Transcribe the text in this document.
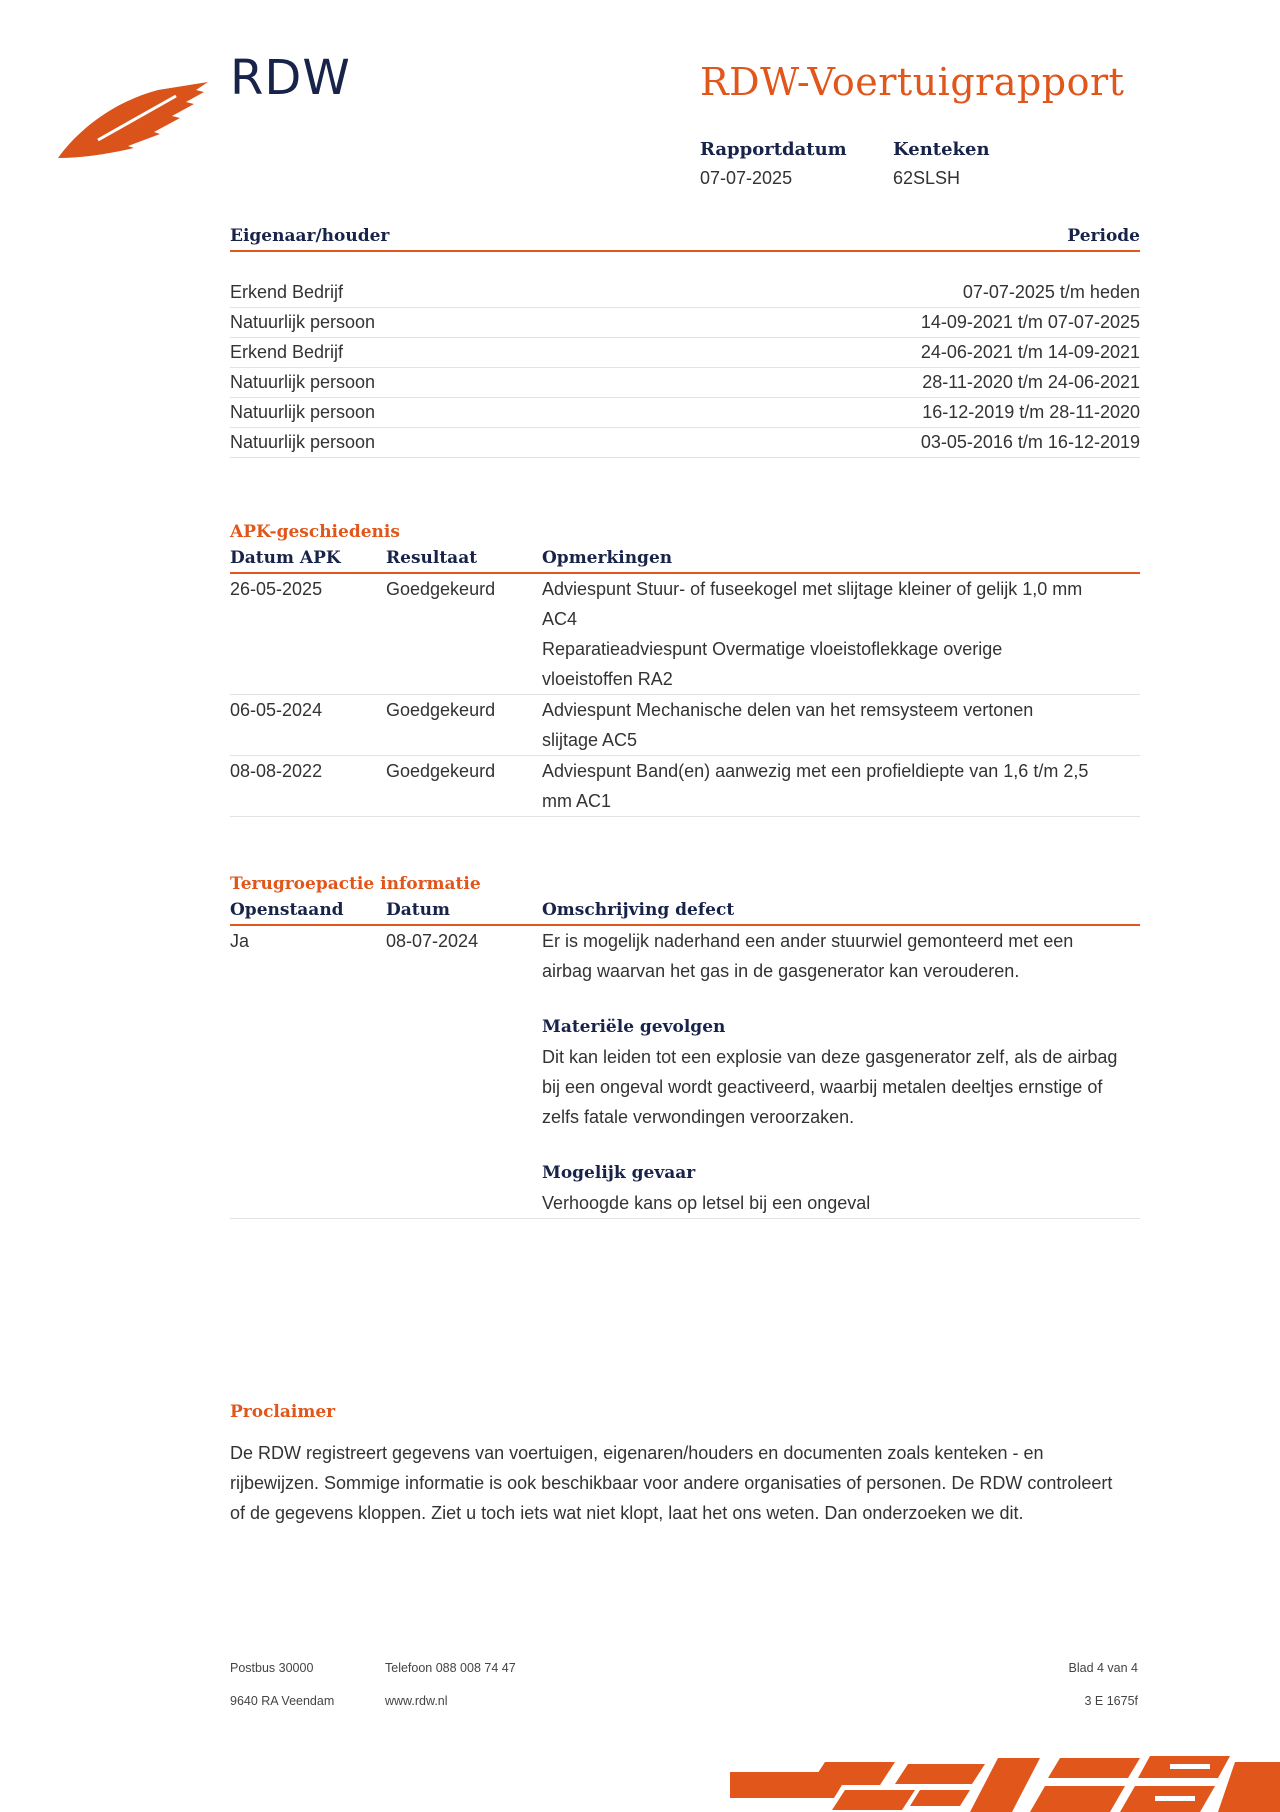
RDW	RDW-Voertuigrapport
Rapportdatum
07-07-2025
Kenteken
62SLSH
Eigenaar/houder	Periode
Erkend Bedrijf	07-07-2025 t/m heden
Natuurlijk persoon	14-09-2021 t/m 07-07-2025
Erkend Bedrijf	24-06-2021 t/m 14-09-2021
Natuurlijk persoon	28-11-2020 t/m 24-06-2021
Natuurlijk persoon	16-12-2019 t/m 28-11-2020
Natuurlijk persoon	03-05-2016 t/m 16-12-2019
APK-geschiedenis
Datum APK	Resultaat	Opmerkingen
26-05-2025	Goedgekeurd	Adviespunt Stuur- of fuseekogel met slijtage kleiner of gelijk 1,0 mm AC4
Reparatieadviespunt Overmatige vloeistoflekkage overige vloeistoffen RA2
06-05-2024	Goedgekeurd	Adviespunt Mechanische delen van het remsysteem vertonen slijtage AC5
08-08-2022	Goedgekeurd	Adviespunt Band(en) aanwezig met een profieldiepte van 1,6 t/m 2,5 mm AC1
Terugroepactie informatie
Openstaand	Datum	Omschrijving defect
Ja	08-07-2024	Er is mogelijk naderhand een ander stuurwiel gemonteerd met een airbag waarvan het gas in de gasgenerator kan verouderen.
Materiële gevolgen
Dit kan leiden tot een explosie van deze gasgenerator zelf, als de airbag bij een ongeval wordt geactiveerd, waarbij metalen deeltjes ernstige of zelfs fatale verwondingen veroorzaken.
Mogelijk gevaar
Verhoogde kans op letsel bij een ongeval
Proclaimer
De RDW registreert gegevens van voertuigen, eigenaren/houders en documenten zoals kenteken - en rijbewijzen. Sommige informatie is ook beschikbaar voor andere organisaties of personen. De RDW controleert of de gegevens kloppen. Ziet u toch iets wat niet klopt, laat het ons weten. Dan onderzoeken we dit.
Postbus 30000
9640 RA Veendam
Telefoon 088 008 74 47
www.rdw.nl
Blad 4 van 4
3 E 1675f
